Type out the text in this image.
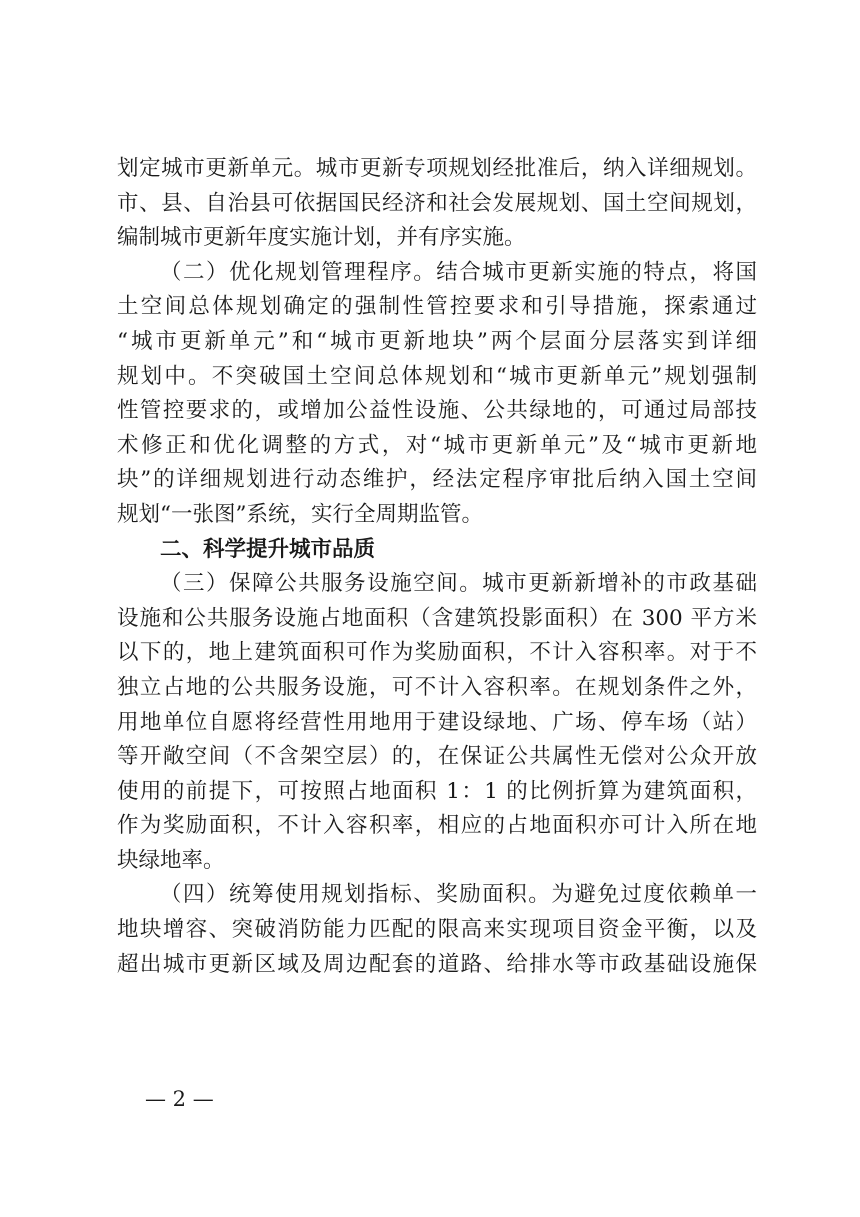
划定城市更新单元。城市更新专项规划经批准后，纳入详细规划。
市、县、自治县可依据国民经济和社会发展规划、国土空间规划，
编制城市更新年度实施计划，并有序实施。
（二）优化规划管理程序。结合城市更新实施的特点，将国
土空间总体规划确定的强制性管控要求和引导措施，探索通过
“城市更新单元”和“城市更新地块”两个层面分层落实到详细
规划中。不突破国土空间总体规划和“城市更新单元”规划强制
性管控要求的，或增加公益性设施、公共绿地的，可通过局部技
术修正和优化调整的方式，对“城市更新单元”及“城市更新地
块”的详细规划进行动态维护，经法定程序审批后纳入国土空间
规划“一张图”系统，实行全周期监管。
二、科学提升城市品质
（三）保障公共服务设施空间。城市更新新增补的市政基础
设施和公共服务设施占地面积（含建筑投影面积）在 300 平方米
以下的，地上建筑面积可作为奖励面积，不计入容积率。对于不
独立占地的公共服务设施，可不计入容积率。在规划条件之外，
用地单位自愿将经营性用地用于建设绿地、广场、停车场（站）
等开敞空间（不含架空层）的，在保证公共属性无偿对公众开放
使用的前提下，可按照占地面积 1：1 的比例折算为建筑面积，
作为奖励面积，不计入容积率，相应的占地面积亦可计入所在地
块绿地率。
（四）统筹使用规划指标、奖励面积。为避免过度依赖单一
地块增容、突破消防能力匹配的限高来实现项目资金平衡，以及
超出城市更新区域及周边配套的道路、给排水等市政基础设施保
— 2 —
